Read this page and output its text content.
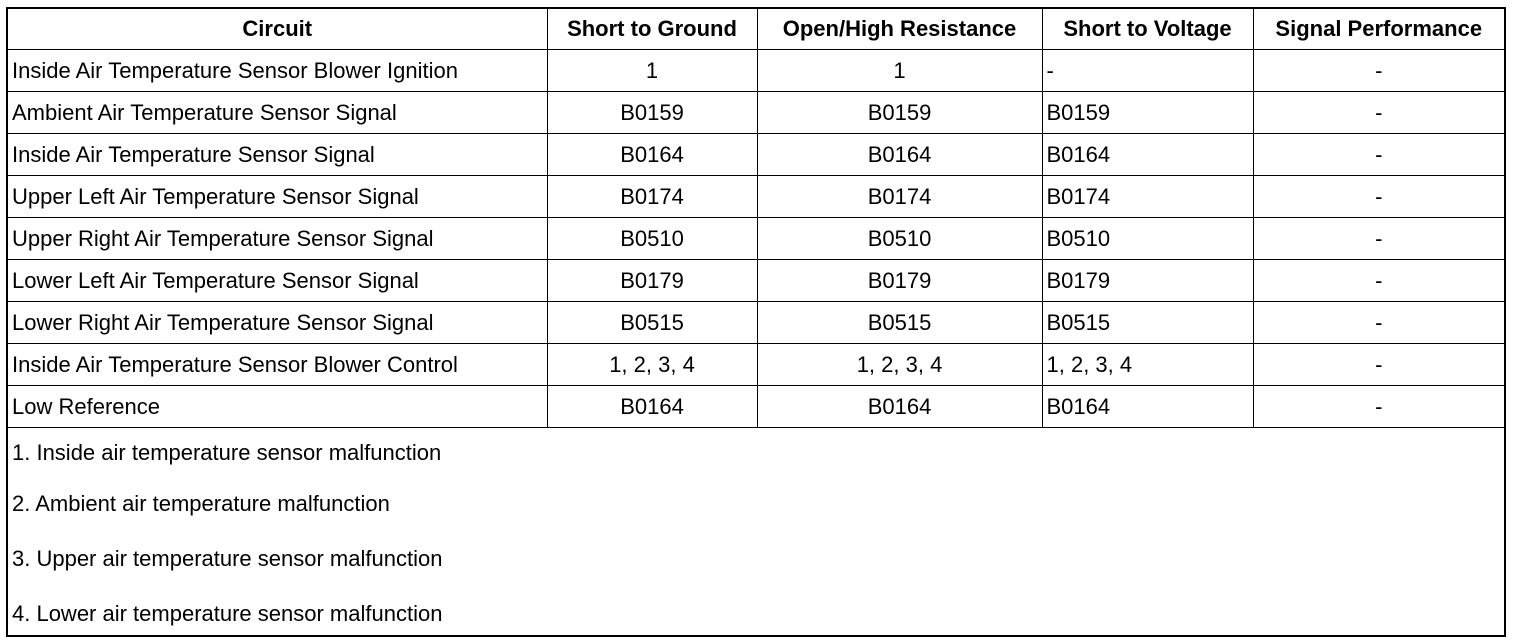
Circuit	Short to Ground	Open/High Resistance	Short to Voltage	Signal Performance
Inside Air Temperature Sensor Blower Ignition	1	1	-	-
Ambient Air Temperature Sensor Signal	B0159	B0159	B0159	-
Inside Air Temperature Sensor Signal	B0164	B0164	B0164	-
Upper Left Air Temperature Sensor Signal	B0174	B0174	B0174	-
Upper Right Air Temperature Sensor Signal	B0510	B0510	B0510	-
Lower Left Air Temperature Sensor Signal	B0179	B0179	B0179	-
Lower Right Air Temperature Sensor Signal	B0515	B0515	B0515	-
Inside Air Temperature Sensor Blower Control	1, 2, 3, 4	1, 2, 3, 4	1, 2, 3, 4	-
Low Reference	B0164	B0164	B0164	-
1. Inside air temperature sensor malfunction
2. Ambient air temperature malfunction
3. Upper air temperature sensor malfunction
4. Lower air temperature sensor malfunction
